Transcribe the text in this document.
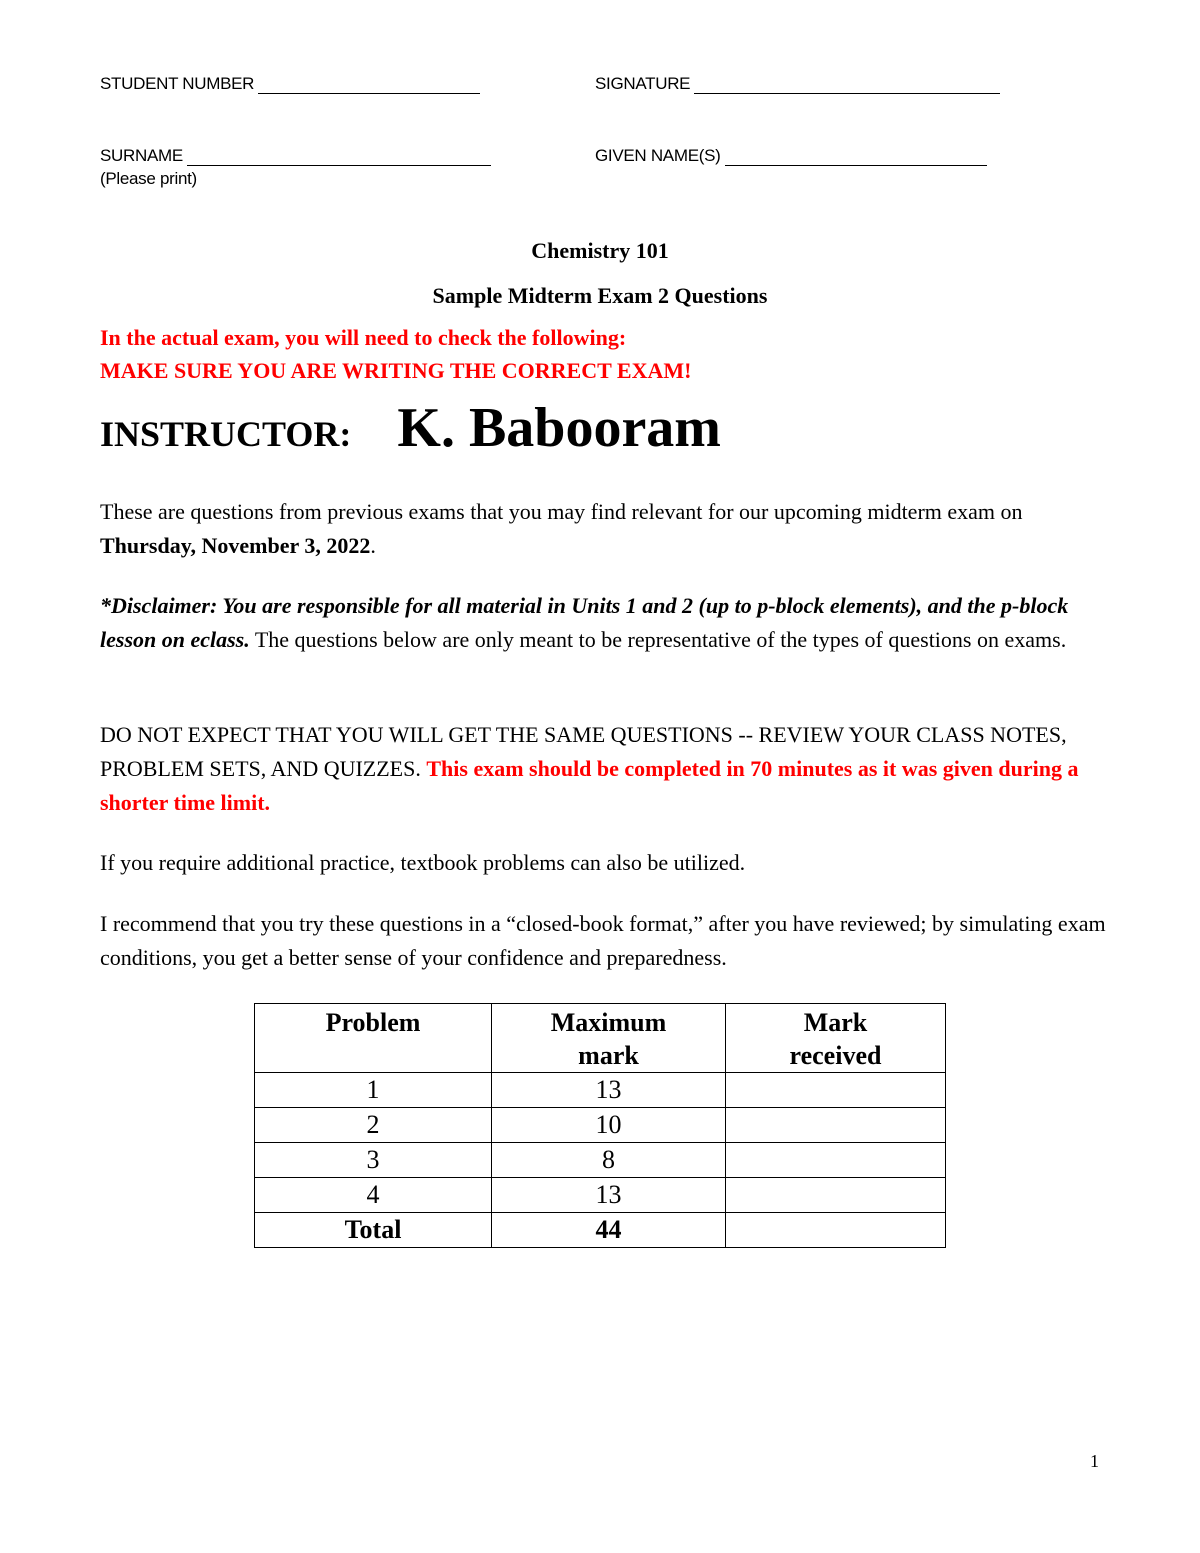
STUDENT NUMBER	SIGNATURE
SURNAME	GIVEN NAME(S)
(Please print)
Chemistry 101
Sample Midterm Exam 2 Questions
In the actual exam, you will need to check the following:
MAKE SURE YOU ARE WRITING THE CORRECT EXAM!
INSTRUCTOR: K. Babooram
These are questions from previous exams that you may find relevant for our upcoming midterm exam on Thursday, November 3, 2022.
*Disclaimer: You are responsible for all material in Units 1 and 2 (up to p-block elements), and the p-block lesson on eclass. The questions below are only meant to be representative of the types of questions on exams.
DO NOT EXPECT THAT YOU WILL GET THE SAME QUESTIONS -- REVIEW YOUR CLASS NOTES, PROBLEM SETS, AND QUIZZES. This exam should be completed in 70 minutes as it was given during a shorter time limit.
If you require additional practice, textbook problems can also be utilized.
I recommend that you try these questions in a “closed-book format,” after you have reviewed; by simulating exam conditions, you get a better sense of your confidence and preparedness.
Problem	Maximum mark	Mark received

1	13	
2	10	
3	8	
4	13	
Total	44	
1
